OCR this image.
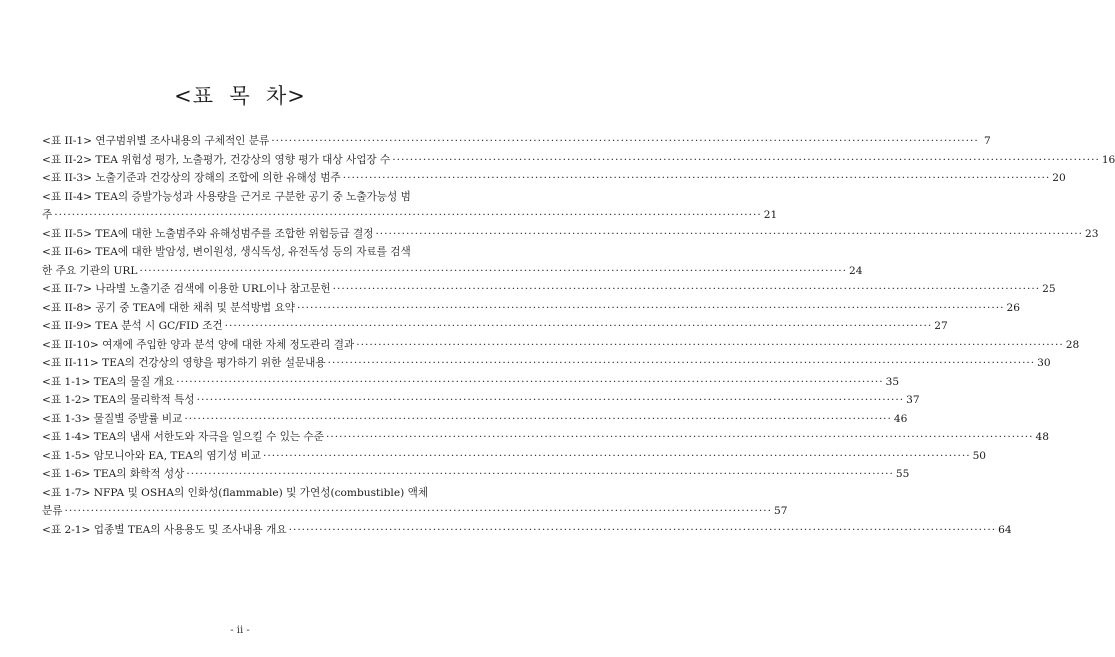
<표  목  차>
<표 II-1> 연구범위별 조사내용의 구체적인 분류 ·····	7
<표 II-2> TEA 위험성 평가, 노출평가, 건강상의 영향 평가 대상 사업장 수 ·····	16
<표 II-3> 노출기준과 건강상의 장해의 조합에 의한 유해성 범주 ·····	20
<표 II-4> TEA의 증발가능성과 사용량을 근거로 구분한 공기 중 노출가능성 범
주 ·····	21
<표 II-5> TEA에 대한 노출범주와 유해성범주를 조합한 위험등급 결정 ·····	23
<표 II-6> TEA에 대한 발암성, 변이원성, 생식독성, 유전독성 등의 자료를 검색
한 주요 기관의 URL ·····	24
<표 II-7> 나라별 노출기준 검색에 이용한 URL이나 참고문헌 ·····	25
<표 II-8> 공기 중 TEA에 대한 채취 및 분석방법 요약 ·····	26
<표 II-9> TEA 분석 시 GC/FID 조건 ·····	27
<표 II-10> 여재에 주입한 양과 분석 양에 대한 자체 정도관리 결과 ·····	28
<표 II-11> TEA의 건강상의 영향을 평가하기 위한 설문내용 ·····	30
<표 1-1> TEA의 물질 개요 ·····	35
<표 1-2> TEA의 물리학적 특성 ·····	37
<표 1-3> 물질별 증발률 비교 ·····	46
<표 1-4> TEA의 냄새 서한도와 자극을 일으킬 수 있는 수준 ·····	48
<표 1-5> 암모니아와 EA, TEA의 염기성 비교 ·····	50
<표 1-6> TEA의 화학적 성상 ·····	55
<표 1-7> NFPA 및 OSHA의 인화성(flammable) 및 가연성(combustible) 액체
분류 ·····	57
<표 2-1> 업종별 TEA의 사용용도 및 조사내용 개요 ·····	64
- ii -
